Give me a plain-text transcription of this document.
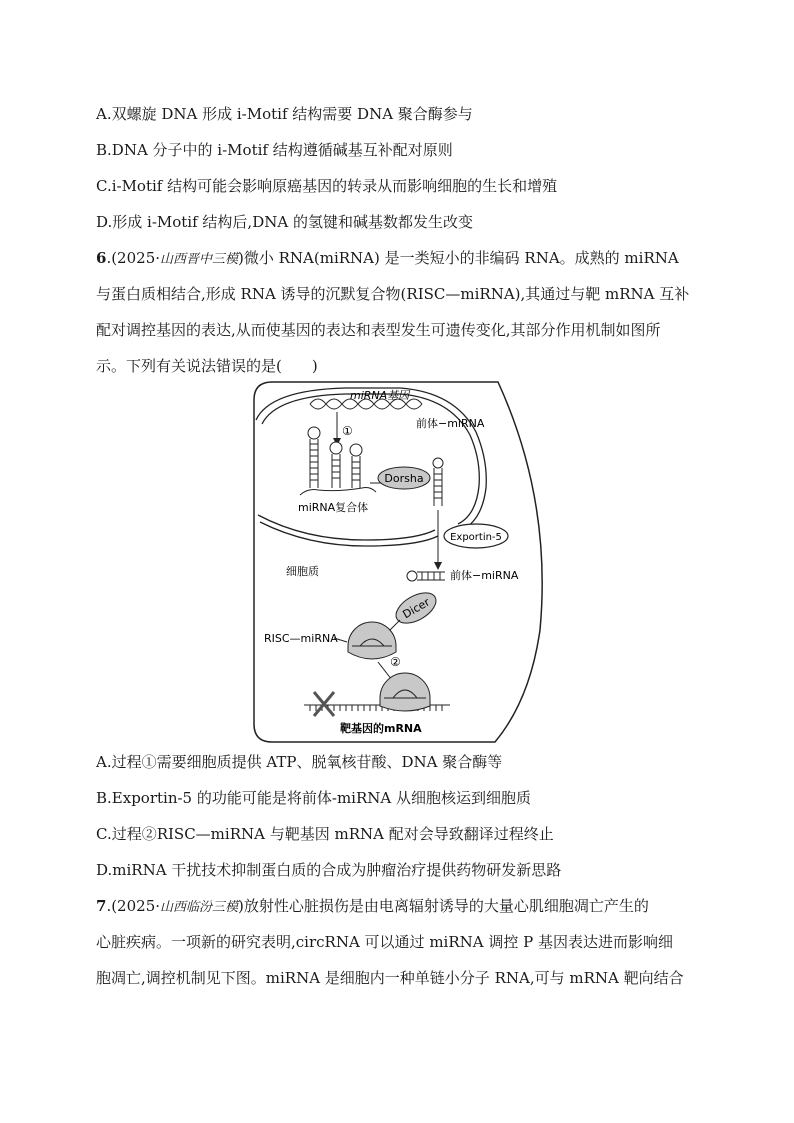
A.双螺旋 DNA 形成 i-Motif 结构需要 DNA 聚合酶参与
B.DNA 分子中的 i-Motif 结构遵循碱基互补配对原则
C.i-Motif 结构可能会影响原癌基因的转录从而影响细胞的生长和增殖
D.形成 i-Motif 结构后,DNA 的氢键和碱基数都发生改变
6.(2025·山西晋中三模)微小 RNA(miRNA) 是一类短小的非编码 RNA。成熟的 miRNA
与蛋白质相结合,形成 RNA 诱导的沉默复合物(RISC—miRNA),其通过与靶 mRNA 互补
配对调控基因的表达,从而使基因的表达和表型发生可遗传变化,其部分作用机制如图所
示。下列有关说法错误的是(　　)
miRNA基因
①
miRNA复合体
Dorsha
前体−miRNA
Exportin-5
细胞质	前体−miRNA
Dicer
RISC—miRNA
②
靶基因的mRNA
A.过程①需要细胞质提供 ATP、脱氧核苷酸、DNA 聚合酶等
B.Exportin-5 的功能可能是将前体-miRNA 从细胞核运到细胞质
C.过程②RISC—miRNA 与靶基因 mRNA 配对会导致翻译过程终止
D.miRNA 干扰技术抑制蛋白质的合成为肿瘤治疗提供药物研发新思路
7.(2025·山西临汾三模)放射性心脏损伤是由电离辐射诱导的大量心肌细胞凋亡产生的
心脏疾病。一项新的研究表明,circRNA 可以通过 miRNA 调控 P 基因表达进而影响细
胞凋亡,调控机制见下图。miRNA 是细胞内一种单链小分子 RNA,可与 mRNA 靶向结合
